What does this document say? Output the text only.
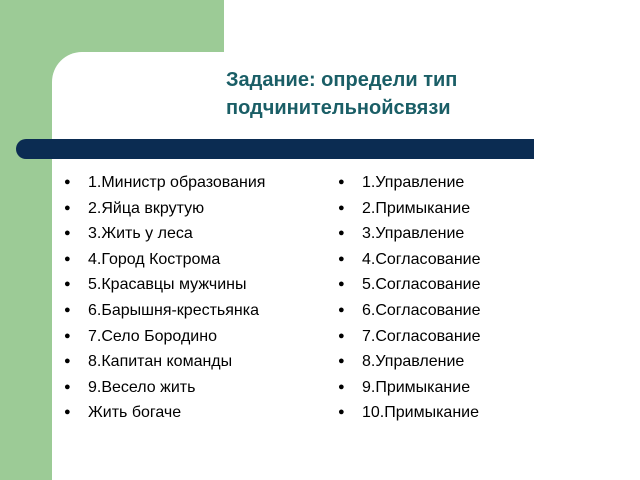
Задание: определи тип
подчинительнойсвязи
● 1.Министр образования
● 2.Яйца вкрутую
● 3.Жить у леса
● 4.Город Кострома
● 5.Красавцы мужчины
● 6.Барышня-крестьянка
● 7.Село Бородино
● 8.Капитан команды
● 9.Весело жить
● Жить богаче
● 1.Управление
● 2.Примыкание
● 3.Управление
● 4.Согласование
● 5.Согласование
● 6.Согласование
● 7.Согласование
● 8.Управление
● 9.Примыкание
● 10.Примыкание
